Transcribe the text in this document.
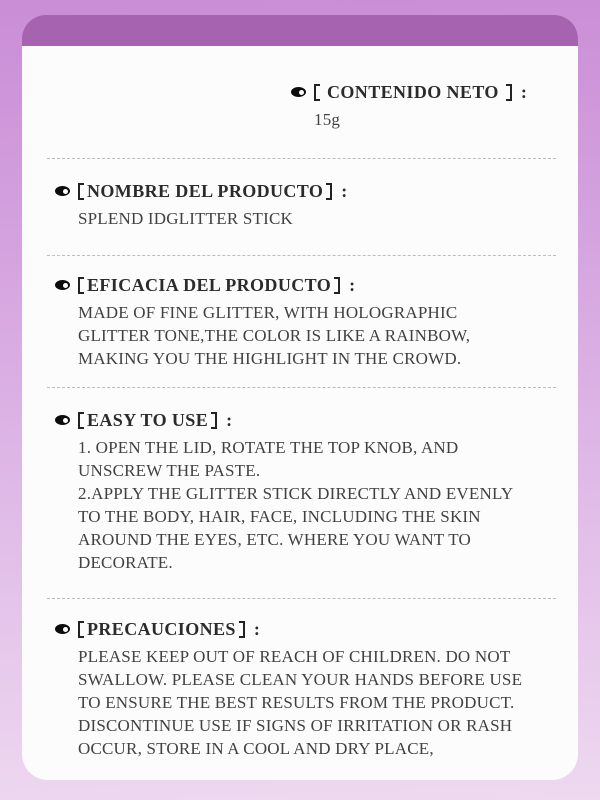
CONTENIDO NETO	:
15g
NOMBRE DEL PRODUCTO :
SPLEND IDGLITTER STICK
EFICACIA DEL PRODUCTO :
MADE OF FINE GLITTER, WITH HOLOGRAPHIC
GLITTER TONE,THE COLOR IS LIKE A RAINBOW,
MAKING YOU THE HIGHLIGHT IN THE CROWD.
EASY TO USE :
1. OPEN THE LID, ROTATE THE TOP KNOB, AND
UNSCREW THE PASTE.
2.APPLY THE GLITTER STICK DIRECTLY AND EVENLY
TO THE BODY, HAIR, FACE, INCLUDING THE SKIN
AROUND THE EYES, ETC. WHERE YOU WANT TO
DECORATE.
PRECAUCIONES :
PLEASE KEEP OUT OF REACH OF CHILDREN. DO NOT
SWALLOW. PLEASE CLEAN YOUR HANDS BEFORE USE
TO ENSURE THE BEST RESULTS FROM THE PRODUCT.
DISCONTINUE USE IF SIGNS OF IRRITATION OR RASH
OCCUR, STORE IN A COOL AND DRY PLACE,
